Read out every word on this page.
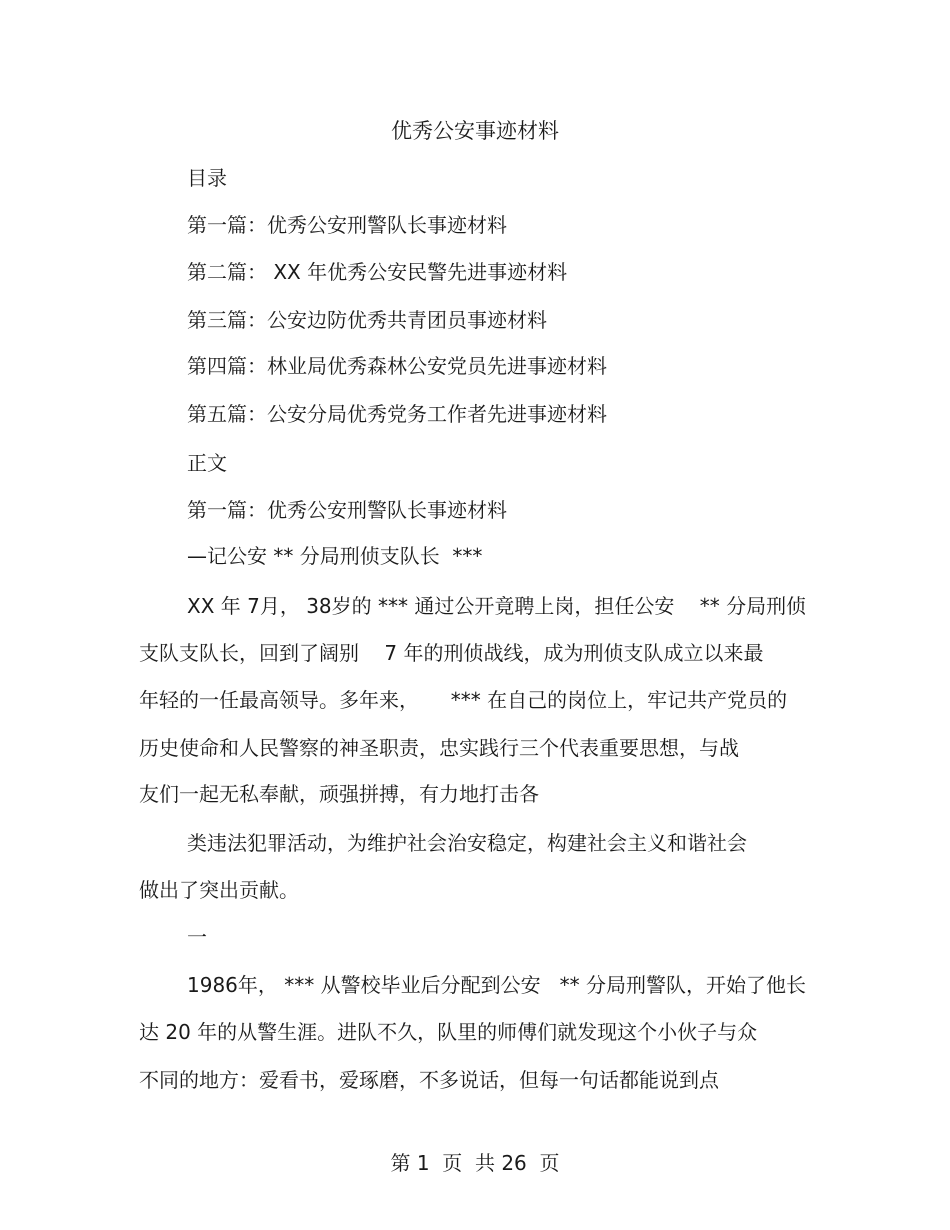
优秀公安事迹材料

目录

第一篇：优秀公安刑警队长事迹材料

第二篇： XX 年优秀公安民警先进事迹材料

第三篇：公安边防优秀共青团员事迹材料

第四篇：林业局优秀森林公安党员先进事迹材料

第五篇：公安分局优秀党务工作者先进事迹材料

正文

第一篇：优秀公安刑警队长事迹材料

—记公安 ** 分局刑侦支队长  ***

XX 年 7月， 38岁的 *** 通过公开竟聘上岗，担任公安    ** 分局刑侦

支队支队长，回到了阔别    7 年的刑侦战线，成为刑侦支队成立以来最

年轻的一任最高领导。多年来，     *** 在自己的岗位上，牢记共产党员的

历史使命和人民警察的神圣职责，忠实践行三个代表重要思想，与战

友们一起无私奉献，顽强拼搏，有力地打击各

类违法犯罪活动，为维护社会治安稳定，构建社会主义和谐社会

做出了突出贡献。

一

1986年， *** 从警校毕业后分配到公安   ** 分局刑警队，开始了他长

达 20 年的从警生涯。进队不久，队里的师傅们就发现这个小伙子与众

不同的地方：爱看书，爱琢磨，不多说话，但每一句话都能说到点

第 1  页  共 26  页
